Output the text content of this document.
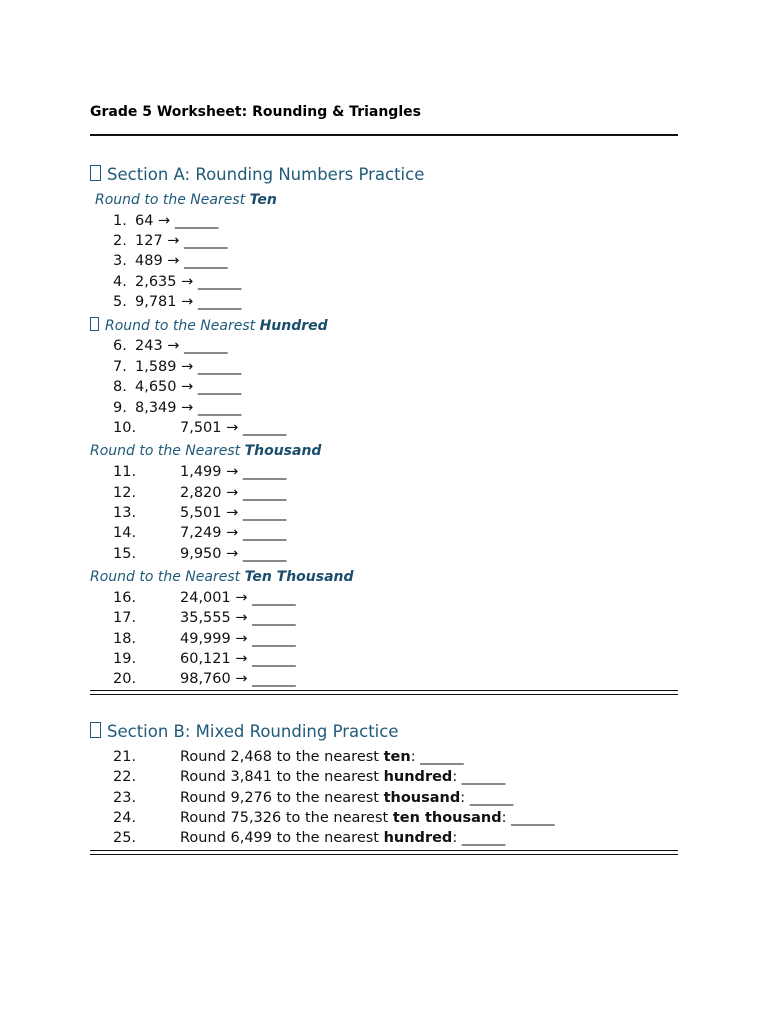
Grade 5 Worksheet: Rounding & Triangles
Section A: Rounding Numbers Practice
Round to the Nearest Ten
1. 64 → ______
2. 127 → ______
3. 489 → ______
4. 2,635 → ______
5. 9,781 → ______
Round to the Nearest Hundred
6. 243 → ______
7. 1,589 → ______
8. 4,650 → ______
9. 8,349 → ______
10.	7,501 → ______
Round to the Nearest Thousand
11.	1,499 → ______
12.	2,820 → ______
13.	5,501 → ______
14.	7,249 → ______
15.	9,950 → ______
Round to the Nearest Ten Thousand
16.	24,001 → ______
17.	35,555 → ______
18.	49,999 → ______
19.	60,121 → ______
20.	98,760 → ______
Section B: Mixed Rounding Practice
21.	Round 2,468 to the nearest ten: ______
22.	Round 3,841 to the nearest hundred: ______
23.	Round 9,276 to the nearest thousand: ______
24.	Round 75,326 to the nearest ten thousand: ______
25.	Round 6,499 to the nearest hundred: ______
